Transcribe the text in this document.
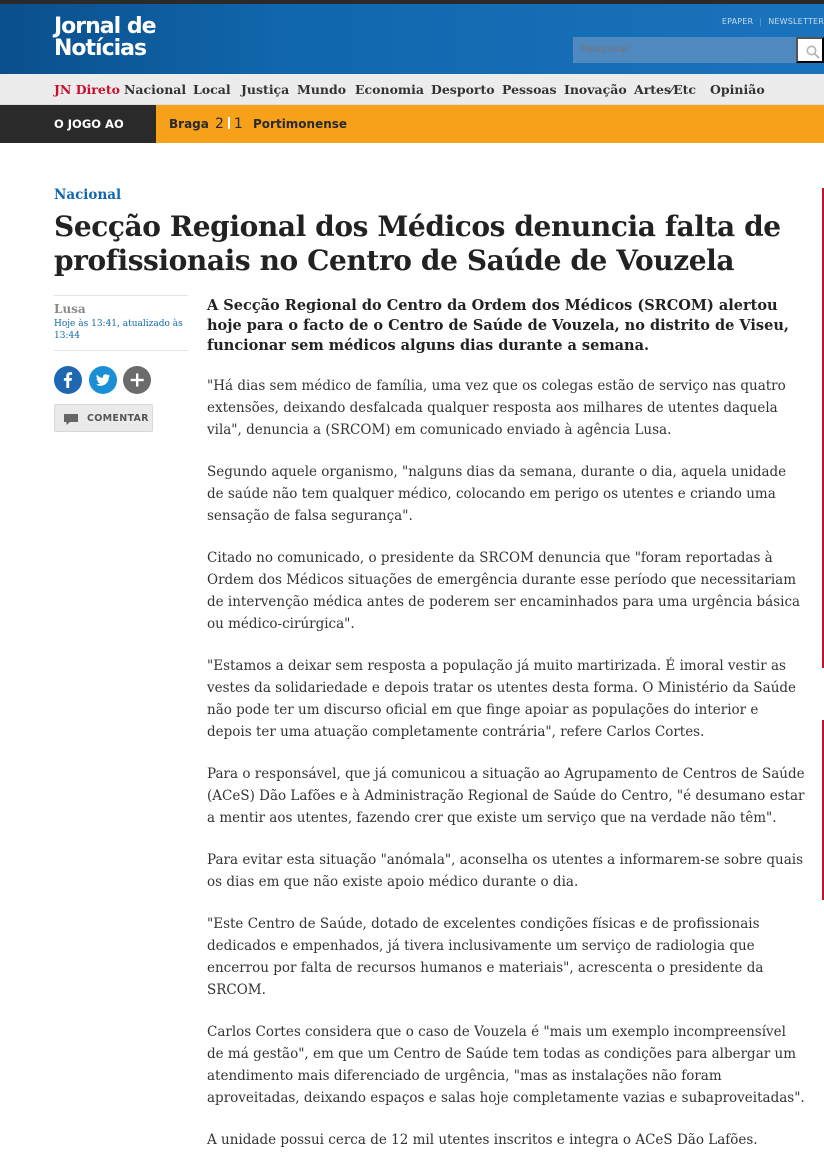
Jornal de
Notícias
EPAPER | NEWSLETTER
Pesquisar
JN Direto Nacional Local Justiça Mundo Economia Desporto Pessoas Inovação Artes⁄Etc Opinião
O JOGO AO VIVO
Braga 2 1 Portimonense
Nacional
Secção Regional dos Médicos denuncia falta de profissionais no Centro de Saúde de Vouzela
Lusa
Hoje às 13:41, atualizado às 13:44
COMENTAR

A Secção Regional do Centro da Ordem dos Médicos (SRCOM) alertou hoje para o facto de o Centro de Saúde de Vouzela, no distrito de Viseu, funcionar sem médicos alguns dias durante a semana.

"Há dias sem médico de família, uma vez que os colegas estão de serviço nas quatro extensões, deixando desfalcada qualquer resposta aos milhares de utentes daquela vila", denuncia a (SRCOM) em comunicado enviado à agência Lusa.

Segundo aquele organismo, "nalguns dias da semana, durante o dia, aquela unidade de saúde não tem qualquer médico, colocando em perigo os utentes e criando uma sensação de falsa segurança".

Citado no comunicado, o presidente da SRCOM denuncia que "foram reportadas à Ordem dos Médicos situações de emergência durante esse período que necessitariam de intervenção médica antes de poderem ser encaminhados para uma urgência básica ou médico-cirúrgica".

"Estamos a deixar sem resposta a população já muito martirizada. É imoral vestir as vestes da solidariedade e depois tratar os utentes desta forma. O Ministério da Saúde não pode ter um discurso oficial em que finge apoiar as populações do interior e depois ter uma atuação completamente contrária", refere Carlos Cortes.

Para o responsável, que já comunicou a situação ao Agrupamento de Centros de Saúde (ACeS) Dão Lafões e à Administração Regional de Saúde do Centro, "é desumano estar a mentir aos utentes, fazendo crer que existe um serviço que na verdade não têm".

Para evitar esta situação "anómala", aconselha os utentes a informarem-se sobre quais os dias em que não existe apoio médico durante o dia.

"Este Centro de Saúde, dotado de excelentes condições físicas e de profissionais dedicados e empenhados, já tivera inclusivamente um serviço de radiologia que encerrou por falta de recursos humanos e materiais", acrescenta o presidente da SRCOM.

Carlos Cortes considera que o caso de Vouzela é "mais um exemplo incompreensível de má gestão", em que um Centro de Saúde tem todas as condições para albergar um atendimento mais diferenciado de urgência, "mas as instalações não foram aproveitadas, deixando espaços e salas hoje completamente vazias e subaproveitadas".

A unidade possui cerca de 12 mil utentes inscritos e integra o ACeS Dão Lafões.
